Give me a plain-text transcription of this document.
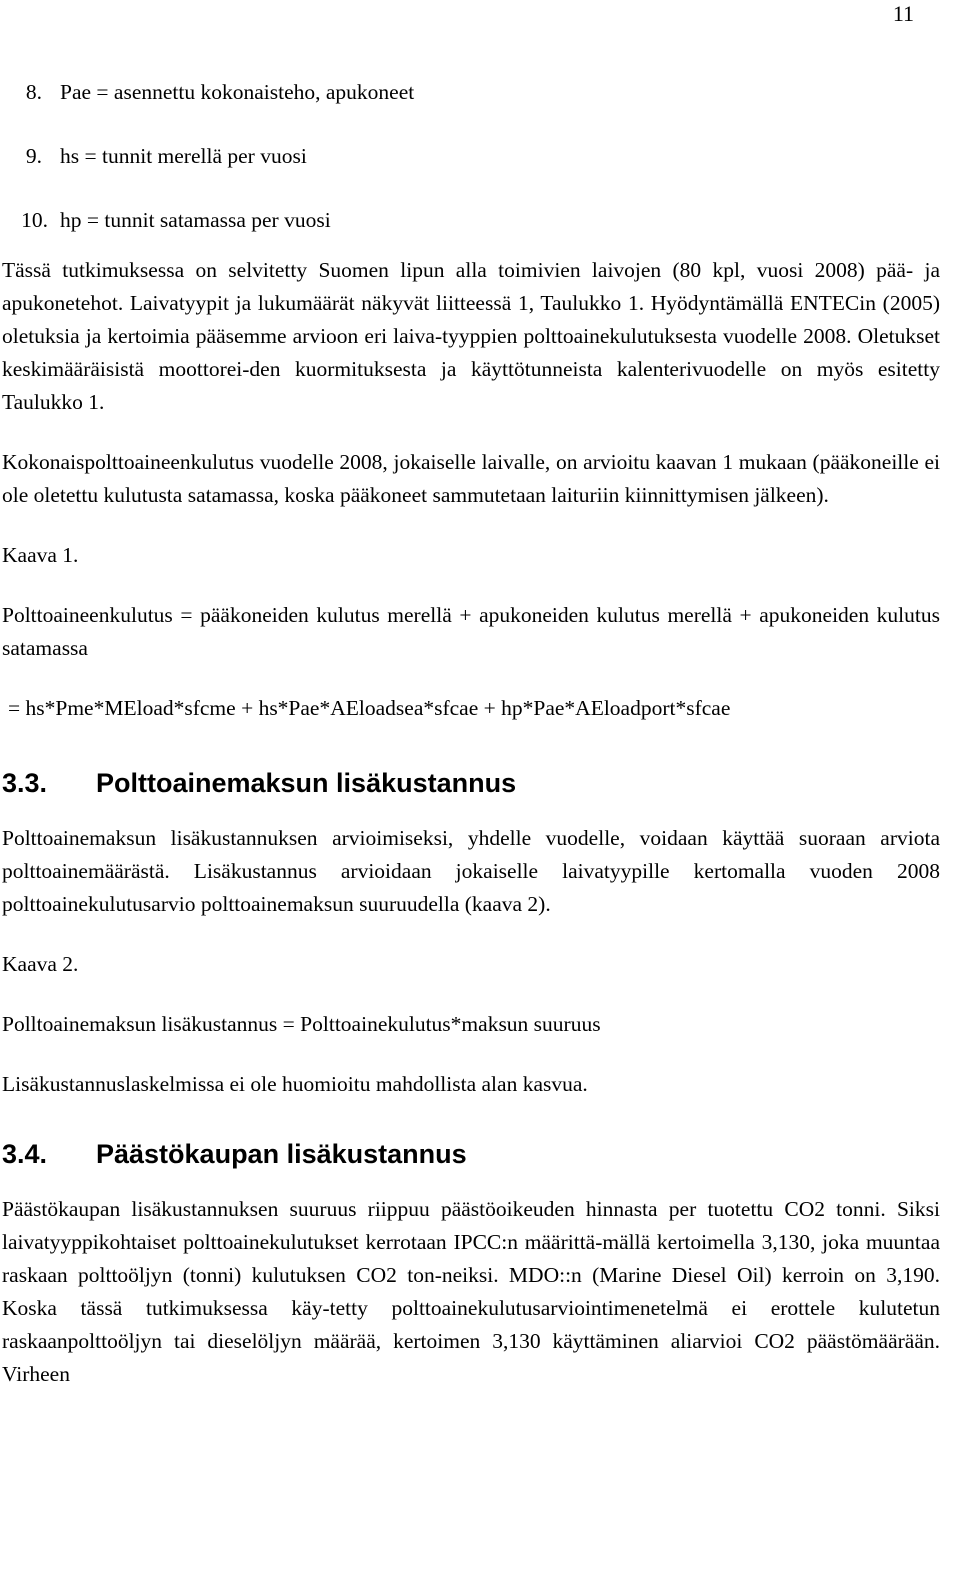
11
8. Pae = asennettu kokonaisteho, apukoneet
9. hs = tunnit merellä per vuosi
10. hp = tunnit satamassa per vuosi

Tässä tutkimuksessa on selvitetty Suomen lipun alla toimivien laivojen (80 kpl, vuosi 2008) pää- ja apukonetehot. Laivatyypit ja lukumäärät näkyvät liitteessä 1, Taulukko 1. Hyödyntämällä ENTECin (2005) oletuksia ja kertoimia pääsemme arvioon eri laiva-tyyppien polttoainekulutuksesta vuodelle 2008. Oletukset keskimääräisistä moottorei-den kuormituksesta ja käyttötunneista kalenterivuodelle on myös esitetty Taulukko 1.

Kokonaispolttoaineenkulutus vuodelle 2008, jokaiselle laivalle, on arvioitu kaavan 1 mukaan (pääkoneille ei ole oletettu kulutusta satamassa, koska pääkoneet sammutetaan laituriin kiinnittymisen jälkeen).

Kaava 1.

Polttoaineenkulutus = pääkoneiden kulutus merellä + apukoneiden kulutus merellä + apukoneiden kulutus satamassa

= hs*Pme*MEload*sfcme + hs*Pae*AEloadsea*sfcae + hp*Pae*AEloadport*sfcae
3.3.	Polttoainemaksun lisäkustannus

Polttoainemaksun lisäkustannuksen arvioimiseksi, yhdelle vuodelle, voidaan käyttää suoraan arviota polttoainemäärästä. Lisäkustannus arvioidaan jokaiselle laivatyypille kertomalla vuoden 2008 polttoainekulutusarvio polttoainemaksun suuruudella (kaava 2).

Kaava 2.

Polltoainemaksun lisäkustannus = Polttoainekulutus*maksun suuruus

Lisäkustannuslaskelmissa ei ole huomioitu mahdollista alan kasvua.

3.4.	Päästökaupan lisäkustannus

Päästökaupan lisäkustannuksen suuruus riippuu päästöoikeuden hinnasta per tuotettu CO2 tonni. Siksi laivatyyppikohtaiset polttoainekulutukset kerrotaan IPCC:n määrittä-mällä kertoimella 3,130, joka muuntaa raskaan polttoöljyn (tonni) kulutuksen CO2 ton-neiksi. MDO::n (Marine Diesel Oil) kerroin on 3,190. Koska tässä tutkimuksessa käy-tetty polttoainekulutusarviointimenetelmä ei erottele kulutetun raskaanpolttoöljyn tai dieselöljyn määrää, kertoimen 3,130 käyttäminen aliarvioi CO2 päästömäärään. Virheen
